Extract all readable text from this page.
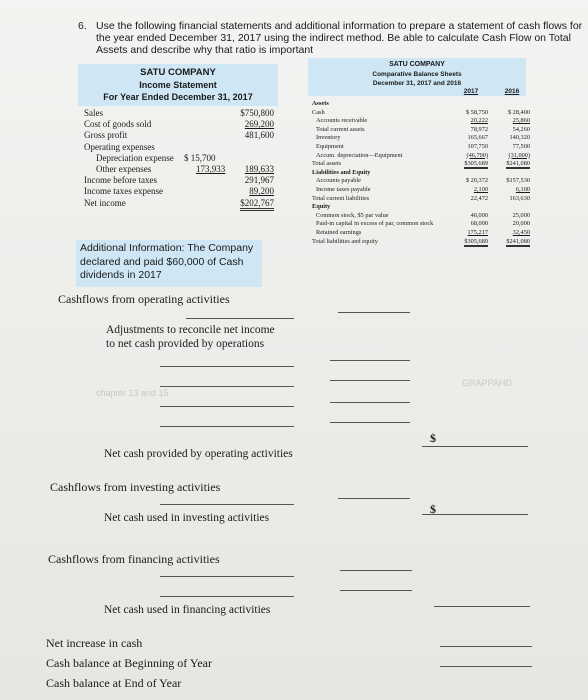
chapter 13 and 15
GRAPPAHD
6. Use the following financial statements and additional information to prepare a statement of cash flows for
the year ended December 31, 2017 using the indirect method. Be able to calculate Cash Flow on Total
Assets and describe why that ratio is important
SATU COMPANY
Income Statement
For Year Ended December 31, 2017
Sales	$750,800
Cost of goods sold	269,200
Gross profit	481,600
Operating expenses
Depreciation expense $ 15,700
Other expenses	173,933 189,633
Income before taxes	291,967
Income taxes expense	89,200
Net income	$202,767
SATU COMPANY
Comparative Balance Sheets
December 31, 2017 and 2016
2017	2016
Assets
Cash	$ 58,750	$ 28,400
Accounts receivable	20,222	25,860
Total current assets	78,972	54,260
Inventory	165,667	140,320
Equipment	107,750	77,500
Accum. depreciation—Equipment	(46,700)	(31,000)
Total assets	$305,689	$241,080
Liabilities and Equity
Accounts payable	$ 20,372	$157,530
Income taxes payable	2,100	6,100
Total current liabilities	22,472	163,630
Equity
Common stock, $5 par value	40,000	25,000
Paid-in capital in excess of par, common stock	68,000	20,000
Retained earnings	175,217	32,450
Total liabilities and equity	$305,689	$241,080
Additional Information: The Company
declared and paid $60,000 of Cash
dividends in 2017
Cashflows from operating activities
Adjustments to reconcile net income
to net cash provided by operations
$
Net cash provided by operating activities
Cashflows from investing activities
$
Net cash used in investing activities
Cashflows from financing activities
Net cash used in financing activities
Net increase in cash
Cash balance at Beginning of Year
Cash balance at End of Year
